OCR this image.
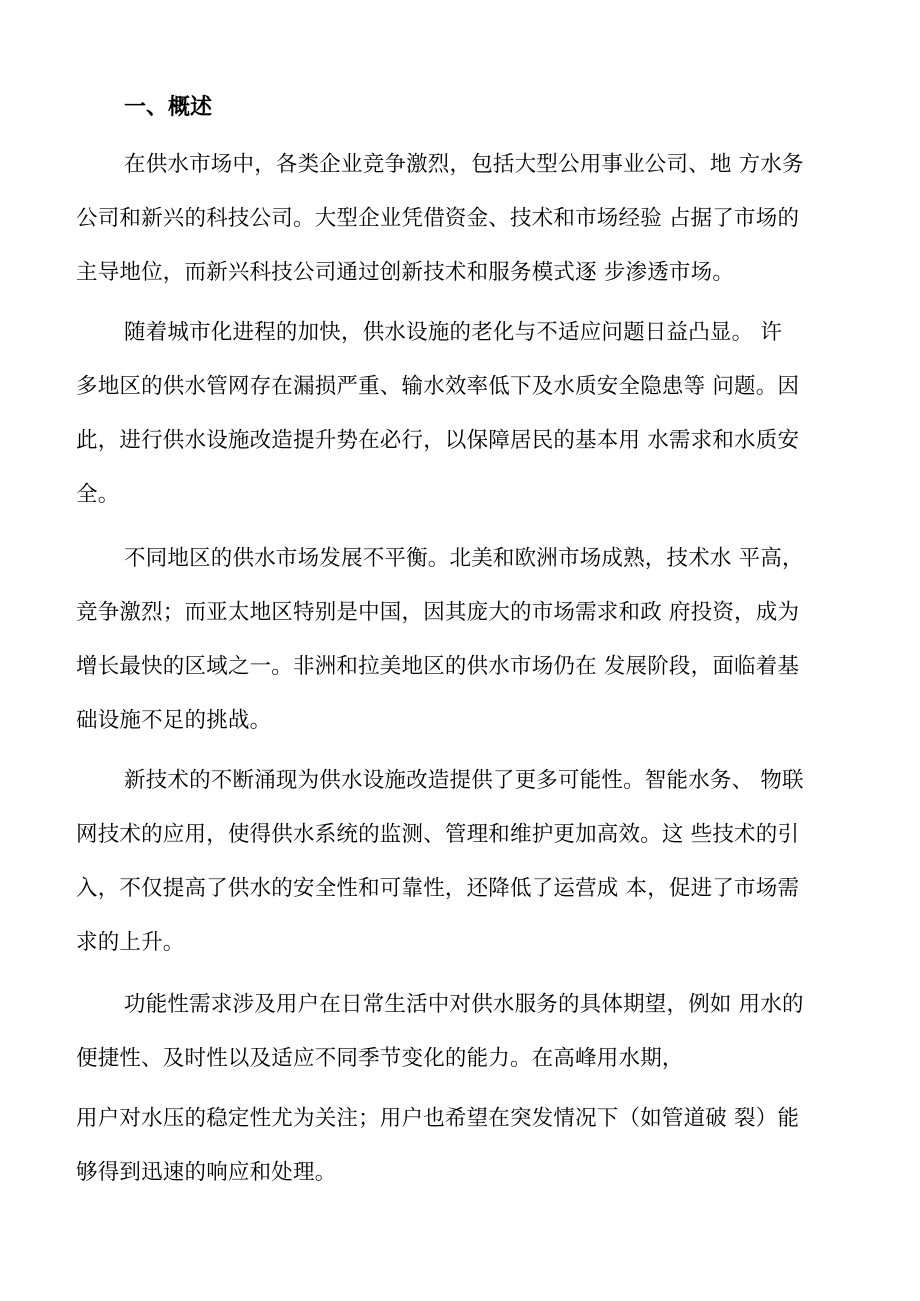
一、概述
在供水市场中，各类企业竞争激烈，包括大型公用事业公司、地 方水务
公司和新兴的科技公司。大型企业凭借资金、技术和市场经验 占据了市场的
主导地位，而新兴科技公司通过创新技术和服务模式逐 步渗透市场。
随着城市化进程的加快，供水设施的老化与不适应问题日益凸显。 许
多地区的供水管网存在漏损严重、输水效率低下及水质安全隐患等 问题。因
此，进行供水设施改造提升势在必行，以保障居民的基本用 水需求和水质安
全。
不同地区的供水市场发展不平衡。北美和欧洲市场成熟，技术水 平高，
竞争激烈；而亚太地区特别是中国，因其庞大的市场需求和政 府投资，成为
增长最快的区域之一。非洲和拉美地区的供水市场仍在 发展阶段，面临着基
础设施不足的挑战。
新技术的不断涌现为供水设施改造提供了更多可能性。智能水务、 物联
网技术的应用，使得供水系统的监测、管理和维护更加高效。这 些技术的引
入，不仅提高了供水的安全性和可靠性，还降低了运营成 本，促进了市场需
求的上升。
功能性需求涉及用户在日常生活中对供水服务的具体期望，例如 用水的
便捷性、及时性以及适应不同季节变化的能力。在高峰用水期，
用户对水压的稳定性尤为关注；用户也希望在突发情况下（如管道破 裂）能
够得到迅速的响应和处理。
